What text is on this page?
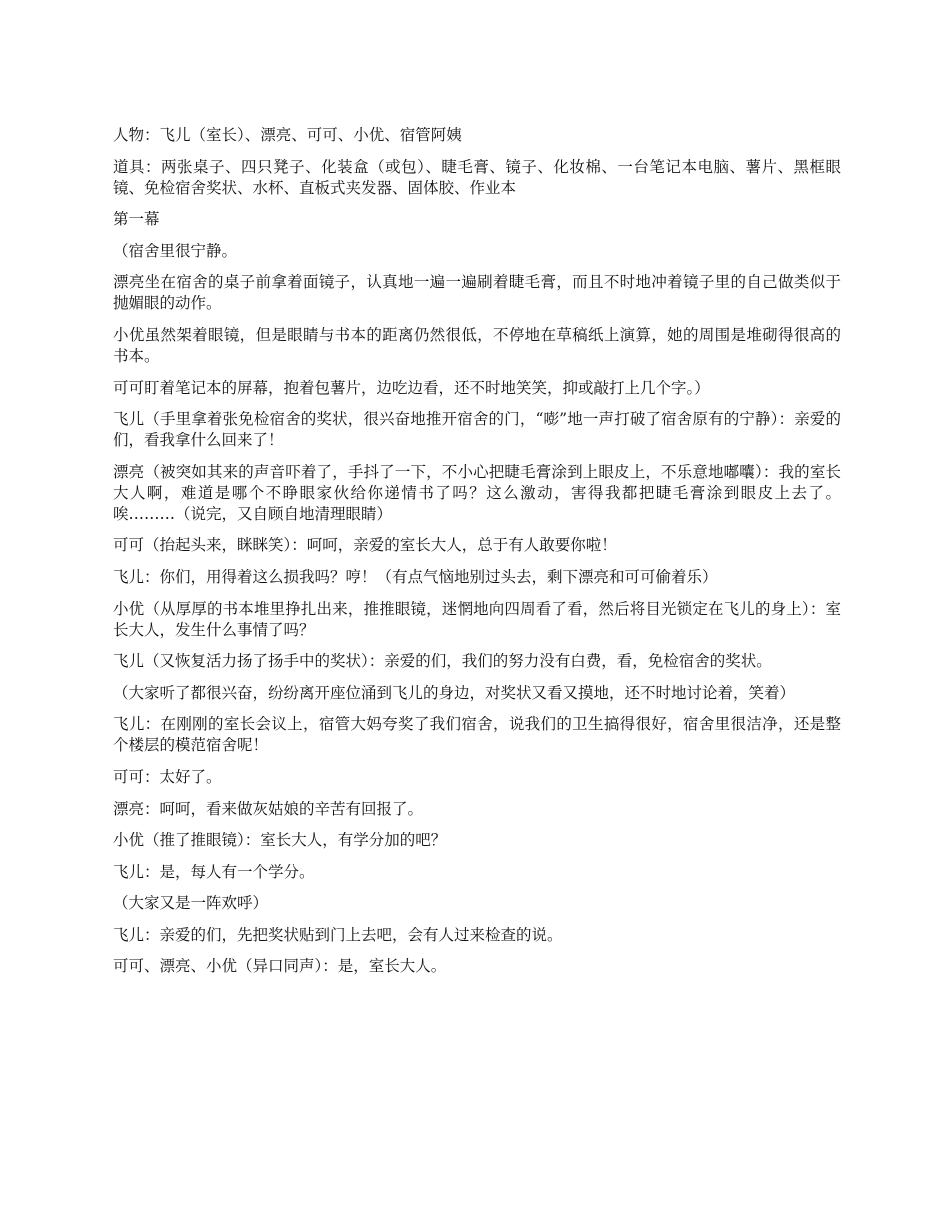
人物：飞儿（室长）、漂亮、可可、小优、宿管阿姨

道具：两张桌子、四只凳子、化装盒（或包）、睫毛膏、镜子、化妆棉、一台笔记本电脑、薯片、黑框眼镜、免检宿舍奖状、水杯、直板式夹发器、固体胶、作业本

第一幕

（宿舍里很宁静。

漂亮坐在宿舍的桌子前拿着面镜子，认真地一遍一遍刷着睫毛膏，而且不时地冲着镜子里的自己做类似于抛媚眼的动作。

小优虽然架着眼镜，但是眼睛与书本的距离仍然很低，不停地在草稿纸上演算，她的周围是堆砌得很高的书本。

可可盯着笔记本的屏幕，抱着包薯片，边吃边看，还不时地笑笑，抑或敲打上几个字。）

飞儿（手里拿着张免检宿舍的奖状，很兴奋地推开宿舍的门，“嘭”地一声打破了宿舍原有的宁静）：亲爱的们，看我拿什么回来了！

漂亮（被突如其来的声音吓着了，手抖了一下，不小心把睫毛膏涂到上眼皮上，不乐意地嘟囔）：我的室长大人啊，难道是哪个不睁眼家伙给你递情书了吗？这么激动，害得我都把睫毛膏涂到眼皮上去了。唉………（说完，又自顾自地清理眼睛）

可可（抬起头来，眯眯笑）：呵呵，亲爱的室长大人，总于有人敢要你啦！

飞儿：你们，用得着这么损我吗？哼！（有点气恼地别过头去，剩下漂亮和可可偷着乐）

小优（从厚厚的书本堆里挣扎出来，推推眼镜，迷惘地向四周看了看，然后将目光锁定在飞儿的身上）：室长大人，发生什么事情了吗？

飞儿（又恢复活力扬了扬手中的奖状）：亲爱的们，我们的努力没有白费，看，免检宿舍的奖状。

（大家听了都很兴奋，纷纷离开座位涌到飞儿的身边，对奖状又看又摸地，还不时地讨论着，笑着）

飞儿：在刚刚的室长会议上，宿管大妈夸奖了我们宿舍，说我们的卫生搞得很好，宿舍里很洁净，还是整个楼层的模范宿舍呢！

可可：太好了。

漂亮：呵呵，看来做灰姑娘的辛苦有回报了。

小优（推了推眼镜）：室长大人，有学分加的吧？

飞儿：是，每人有一个学分。

（大家又是一阵欢呼）

飞儿：亲爱的们，先把奖状贴到门上去吧，会有人过来检查的说。

可可、漂亮、小优（异口同声）：是，室长大人。
